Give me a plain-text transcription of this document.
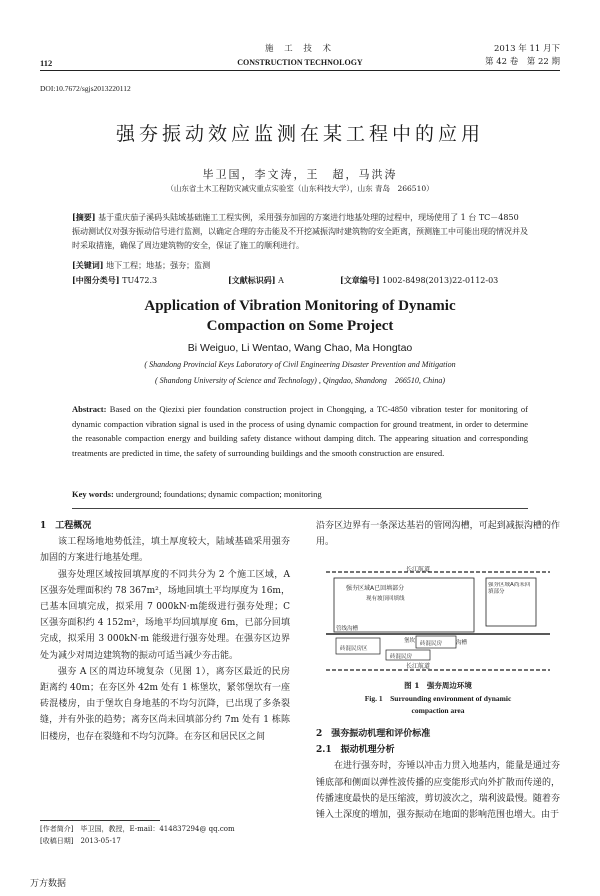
112
施 工 技 术
CONSTRUCTION TECHNOLOGY
2013 年 11 月下
第 42 卷　第 22 期
DOI:10.7672/sgjs2013220112
强夯振动效应监测在某工程中的应用
毕卫国，李文涛，王　超，马洪涛
（山东省土木工程防灾减灾重点实验室（山东科技大学），山东 青岛　266510）
[摘要] 基于重庆茄子溪码头陆域基础施工工程实例，采用强夯加固的方案进行地基处理的过程中，现场使用了 1 台 TC－4850 振动测试仪对强夯振动信号进行监测，以确定合理的夯击能及不开挖减振沟时建筑物的安全距离，预测施工中可能出现的情况并及时采取措施，确保了周边建筑物的安全，保证了施工的顺利进行。
[关键词] 地下工程；地基；强夯；监测
[中图分类号] TU472.3	[文献标识码] A	[文章编号] 1002-8498(2013)22-0112-03
Application of Vibration Monitoring of Dynamic
Compaction on Some Project
Bi Weiguo, Li Wentao, Wang Chao, Ma Hongtao
( Shandong Provincial Keys Laboratory of Civil Engineering Disaster Prevention and Mitigation
( Shandong University of Science and Technology) , Qingdao, Shandong　266510, China)
Abstract: Based on the Qiezixi pier foundation construction project in Chongqing, a TC-4850 vibration tester for monitoring of dynamic compaction vibration signal is used in the process of using dynamic compaction for ground treatment, in order to determine the reasonable compaction energy and building safety distance without damping ditch. The appearing situation and corresponding treatments are predicted in time, the safety of surrounding buildings and the smooth construction are ensured.
Key words: underground; foundations; dynamic compaction; monitoring
1　工程概况

该工程场地地势低洼，填土厚度较大，陆域基础采用强夯加固的方案进行地基处理。

强夯处理区域按回填厚度的不同共分为 2 个施工区域，A 区强夯处理面积约 78 367m²，场地回填土平均厚度为 16m，已基本回填完成，拟采用 7 000kN·m能级进行强夯处理；C 区强夯面积约 4 152m²，场地平均回填厚度 6m，已部分回填完成，拟采用 3 000kN·m 能级进行强夯处理。在强夯区边界处为减少对周边建筑物的振动可适当减少夯击能。

强夯 A 区的周边环境复杂（见图 1），离夯区最近的民房距离约 40m；在夯区外 42m 处有 1 栋堡坎，紧邻堡坎有一座砖混楼房，由于堡坎自身地基的不均匀沉降，已出现了多条裂缝，并有外张的趋势；离夯区尚未回填部分约 7m 处有 1 栋陈旧楼房，也存在裂缝和不均匀沉降。在夯区和居民区之间

沿夯区边界有一条深达基岩的管网沟槽，可起到减振沟槽的作用。

长江航道
强夯区域A已回填部分
现有坡顶回填线
强夯区域A尚未回填部分
管线沟槽
沟槽
堡坎
砖混民房区
砖混民房
砖混民房
长江航道
图 1　强夯周边环境
Fig. 1　Surrounding environment of dynamic
compaction area
2　强夯振动机理和评价标准
2.1　振动机理分析

在进行强夯时，夯锤以冲击力贯入地基内，能量是通过夯锤底部和侧面以弹性波传播的应变能形式向外扩散而传递的，传播速度最快的是压缩波，剪切波次之，瑞利波最慢。随着夯锤入土深度的增加，强夯振动在地面的影响范围也增大。由于

[作者简介]　毕卫国，教授，E-mail：414837294@ qq.com
[收稿日期]　2013-05-17
万方数据
